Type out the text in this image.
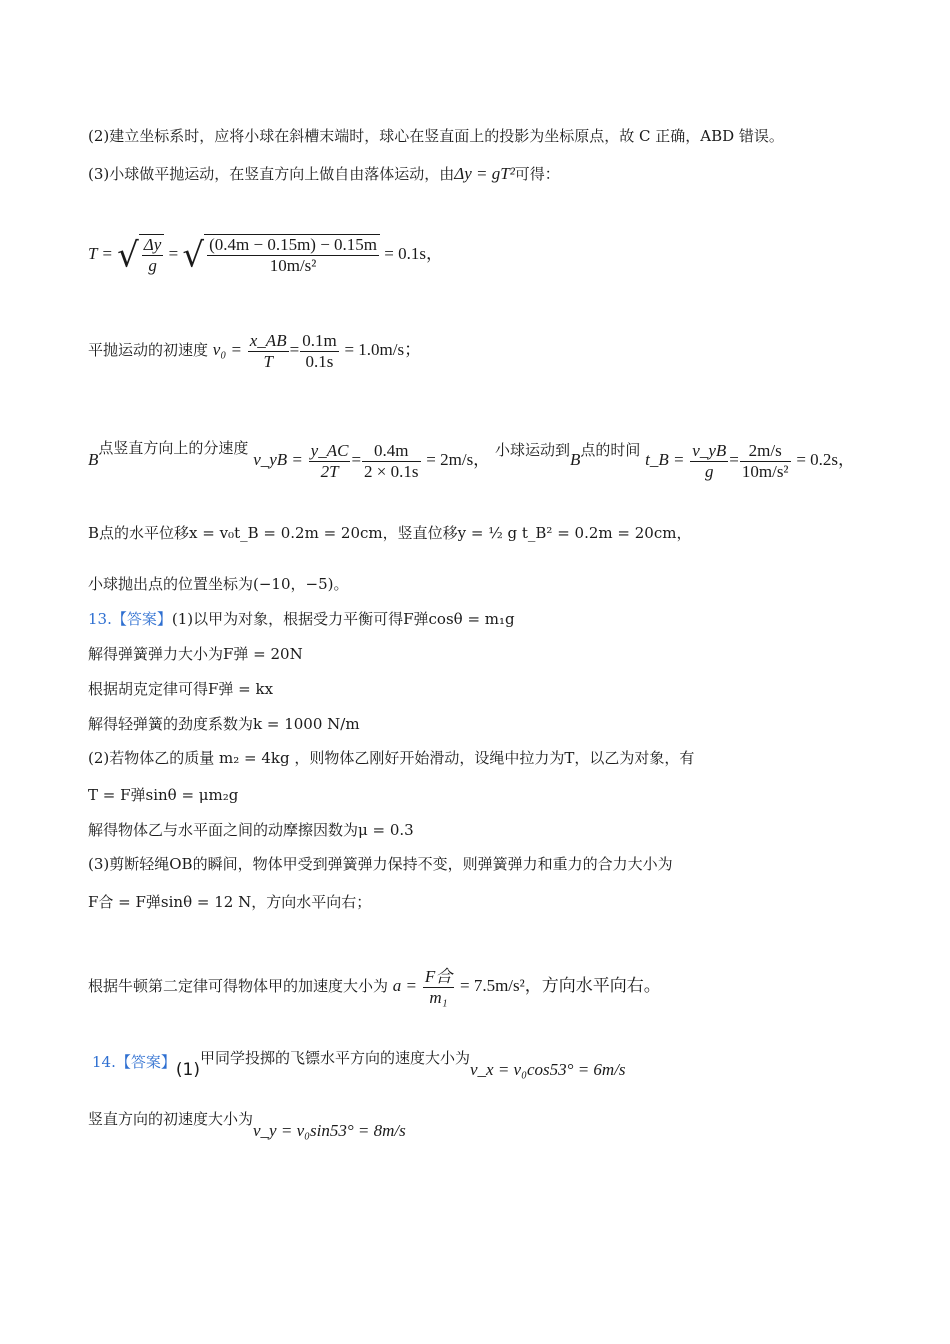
(2)建立坐标系时，应将小球在斜槽末端时，球心在竖直面上的投影为坐标原点，故 C 正确，ABD 错误。
(3)小球做平抛运动，在竖直方向上做自由落体运动，由Δy = gT²可得：
T = √ $\frac{\Delta y}{g}$ = √ $\frac{(0.4m - 0.15m) - 0.15m}{\text{10m/s²}} = 0.1s$，
平抛运动的初速度 $v_0 = \frac{x\_AB}{T} = \frac{0.1m}{0.1s} = 1.0m/s$；
B点竖直方向上的分速度 v_yB = $\frac{y\_AC}{2T} = \frac{0.4m}{2 \times 0.1s} = 2m/s$， 小球运动到B点的时间 t_B = $\frac{v\_yB}{g} = \frac{2m/s}{\text{10m/s²}} = 0.2s$，
B点的水平位移x = v₀t_B = 0.2m = 20cm，竖直位移y = ½ g t_B² = 0.2m = 20cm，
小球抛出点的位置坐标为(−10，−5)。
13.【答案】(1)以甲为对象，根据受力平衡可得F弹cosθ = m₁g
解得弹簧弹力大小为F弹 = 20N
根据胡克定律可得F弹 = kx
解得轻弹簧的劲度系数为k = 1000 N/m
(2)若物体乙的质量 m₂ = 4kg ，则物体乙刚好开始滑动，设绳中拉力为T，以乙为对象，有
T = F弹sinθ = μm₂g
解得物体乙与水平面之间的动摩擦因数为μ = 0.3
(3)剪断轻绳OB的瞬间，物体甲受到弹簧弹力保持不变，则弹簧弹力和重力的合力大小为
F合 = F弹sinθ = 12 N，方向水平向右；
根据牛顿第二定律可得物体甲的加速度大小为 $a = \frac{\text{F合}}{\text{m₁}} = 7.5m/s^2$，方向水平向右。
14.【答案】(1)甲同学投掷的飞镖水平方向的速度大小为v_x = v₀cos53° = 6m/s
竖直方向的初速度大小为v_y = v₀sin53° = 8m/s
